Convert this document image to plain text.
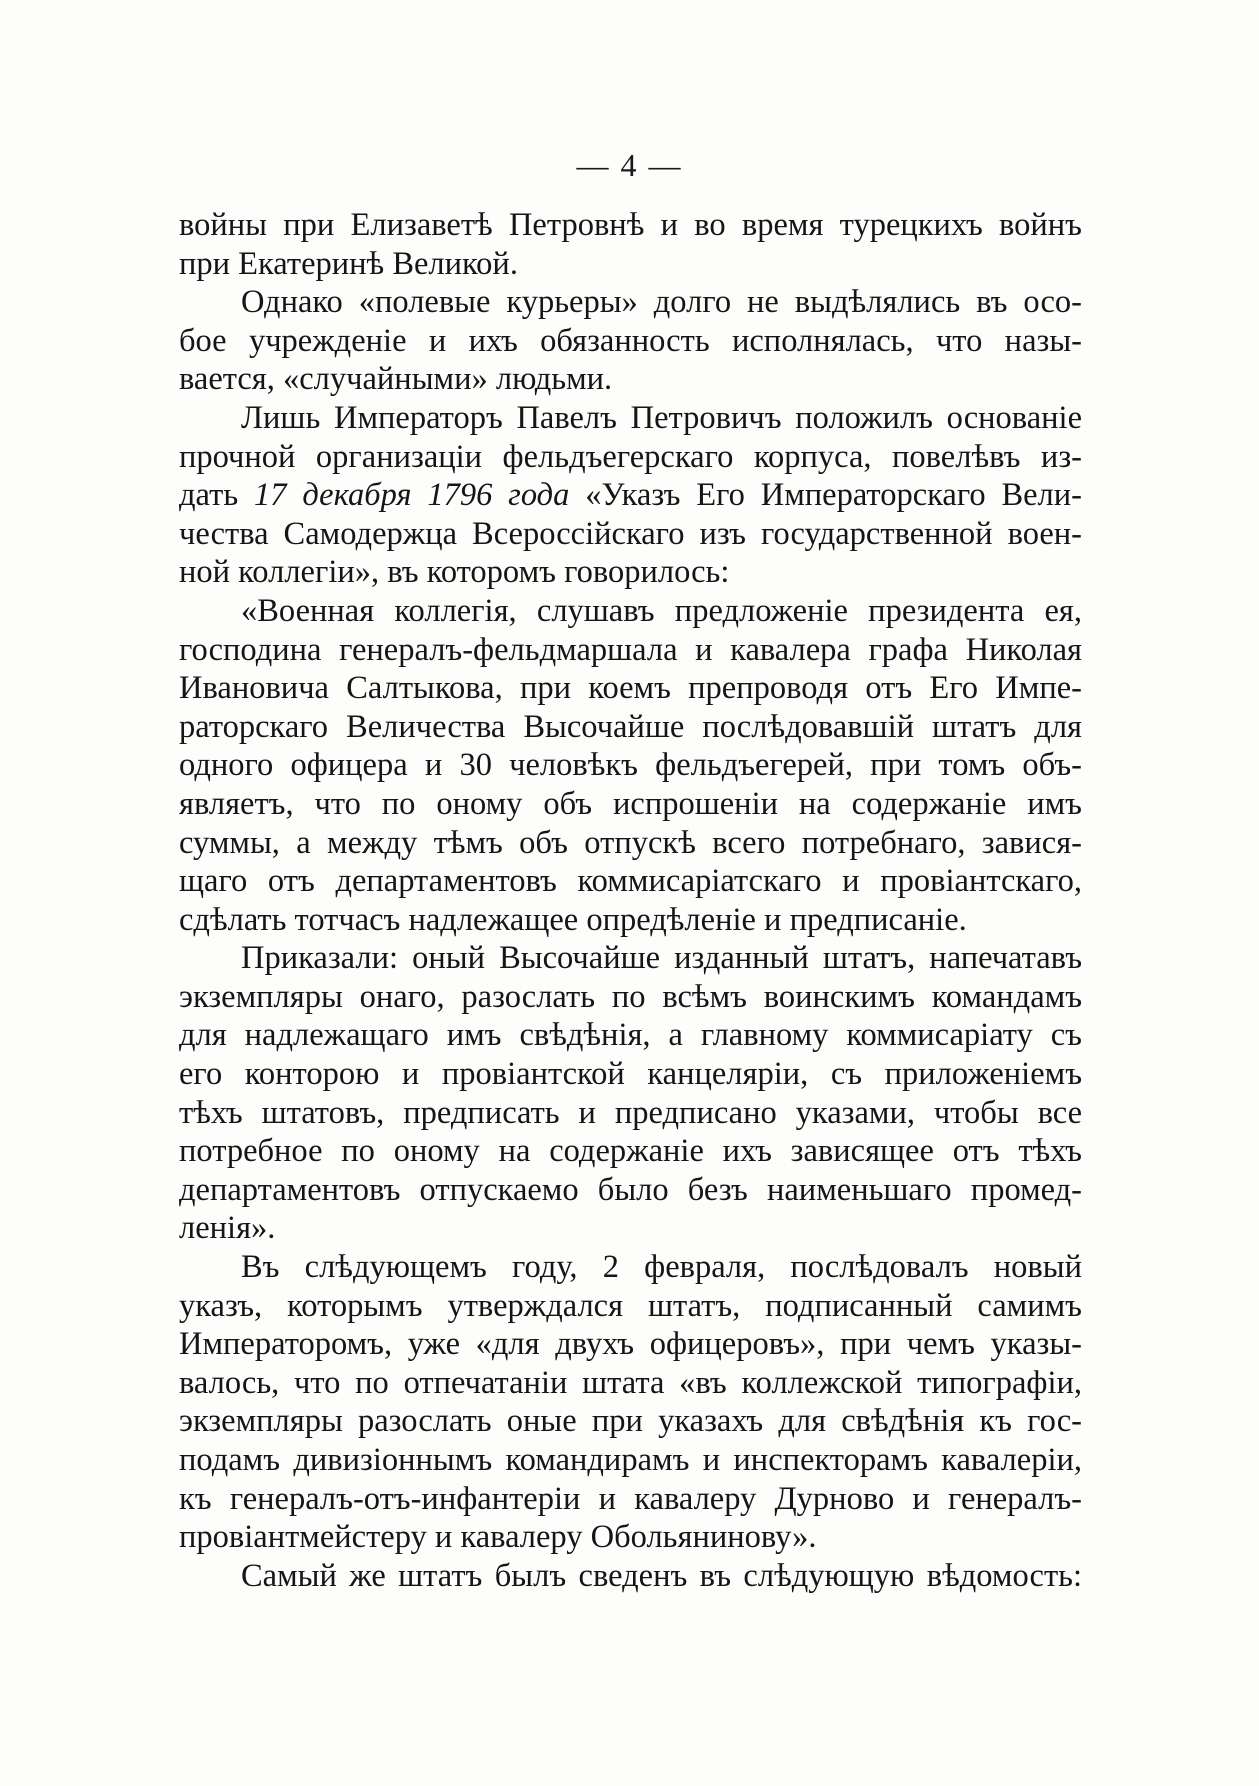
— 4 —
войны при Елизаветѣ Петровнѣ и во время турецкихъ войнъ
при Екатеринѣ Великой.
Однако «полевые курьеры» долго не выдѣлялись въ осо-
бое учрежденіе и ихъ обязанность исполнялась, что назы-
вается, «случайными» людьми.
Лишь Императоръ Павелъ Петровичъ положилъ основаніе
прочной организаціи фельдъегерскаго корпуса, повелѣвъ из-
дать 17 декабря 1796 года «Указъ Его Императорскаго Вели-
чества Самодержца Всероссійскаго изъ государственной воен-
ной коллегіи», въ которомъ говорилось:
«Военная коллегія, слушавъ предложеніе президента ея,
господина генералъ-фельдмаршала и кавалера графа Николая
Ивановича Салтыкова, при коемъ препроводя отъ Его Импе-
раторскаго Величества Высочайше послѣдовавшій штатъ для
одного офицера и 30 человѣкъ фельдъегерей, при томъ объ-
являетъ, что по оному объ испрошеніи на содержаніе имъ
суммы, а между тѣмъ объ отпускѣ всего потребнаго, завися-
щаго отъ департаментовъ коммисаріатскаго и провіантскаго,
сдѣлать тотчасъ надлежащее опредѣленіе и предписаніе.
Приказали: оный Высочайше изданный штатъ, напечатавъ
экземпляры онаго, разослать по всѣмъ воинскимъ командамъ
для надлежащаго имъ свѣдѣнія, а главному коммисаріату съ
его конторою и провіантской канцеляріи, съ приложеніемъ
тѣхъ штатовъ, предписать и предписано указами, чтобы все
потребное по оному на содержаніе ихъ зависящее отъ тѣхъ
департаментовъ отпускаемо было безъ наименьшаго промед-
ленія».
Въ слѣдующемъ году, 2 февраля, послѣдовалъ новый
указъ, которымъ утверждался штатъ, подписанный самимъ
Императоромъ, уже «для двухъ офицеровъ», при чемъ указы-
валось, что по отпечатаніи штата «въ коллежской типографіи,
экземпляры разослать оные при указахъ для свѣдѣнія къ гос-
подамъ дивизіоннымъ командирамъ и инспекторамъ кавалеріи,
къ генералъ-отъ-инфантеріи и кавалеру Дурново и генералъ-
провіантмейстеру и кавалеру Обольянинову».
Самый же штатъ былъ сведенъ въ слѣдующую вѣдомость:
